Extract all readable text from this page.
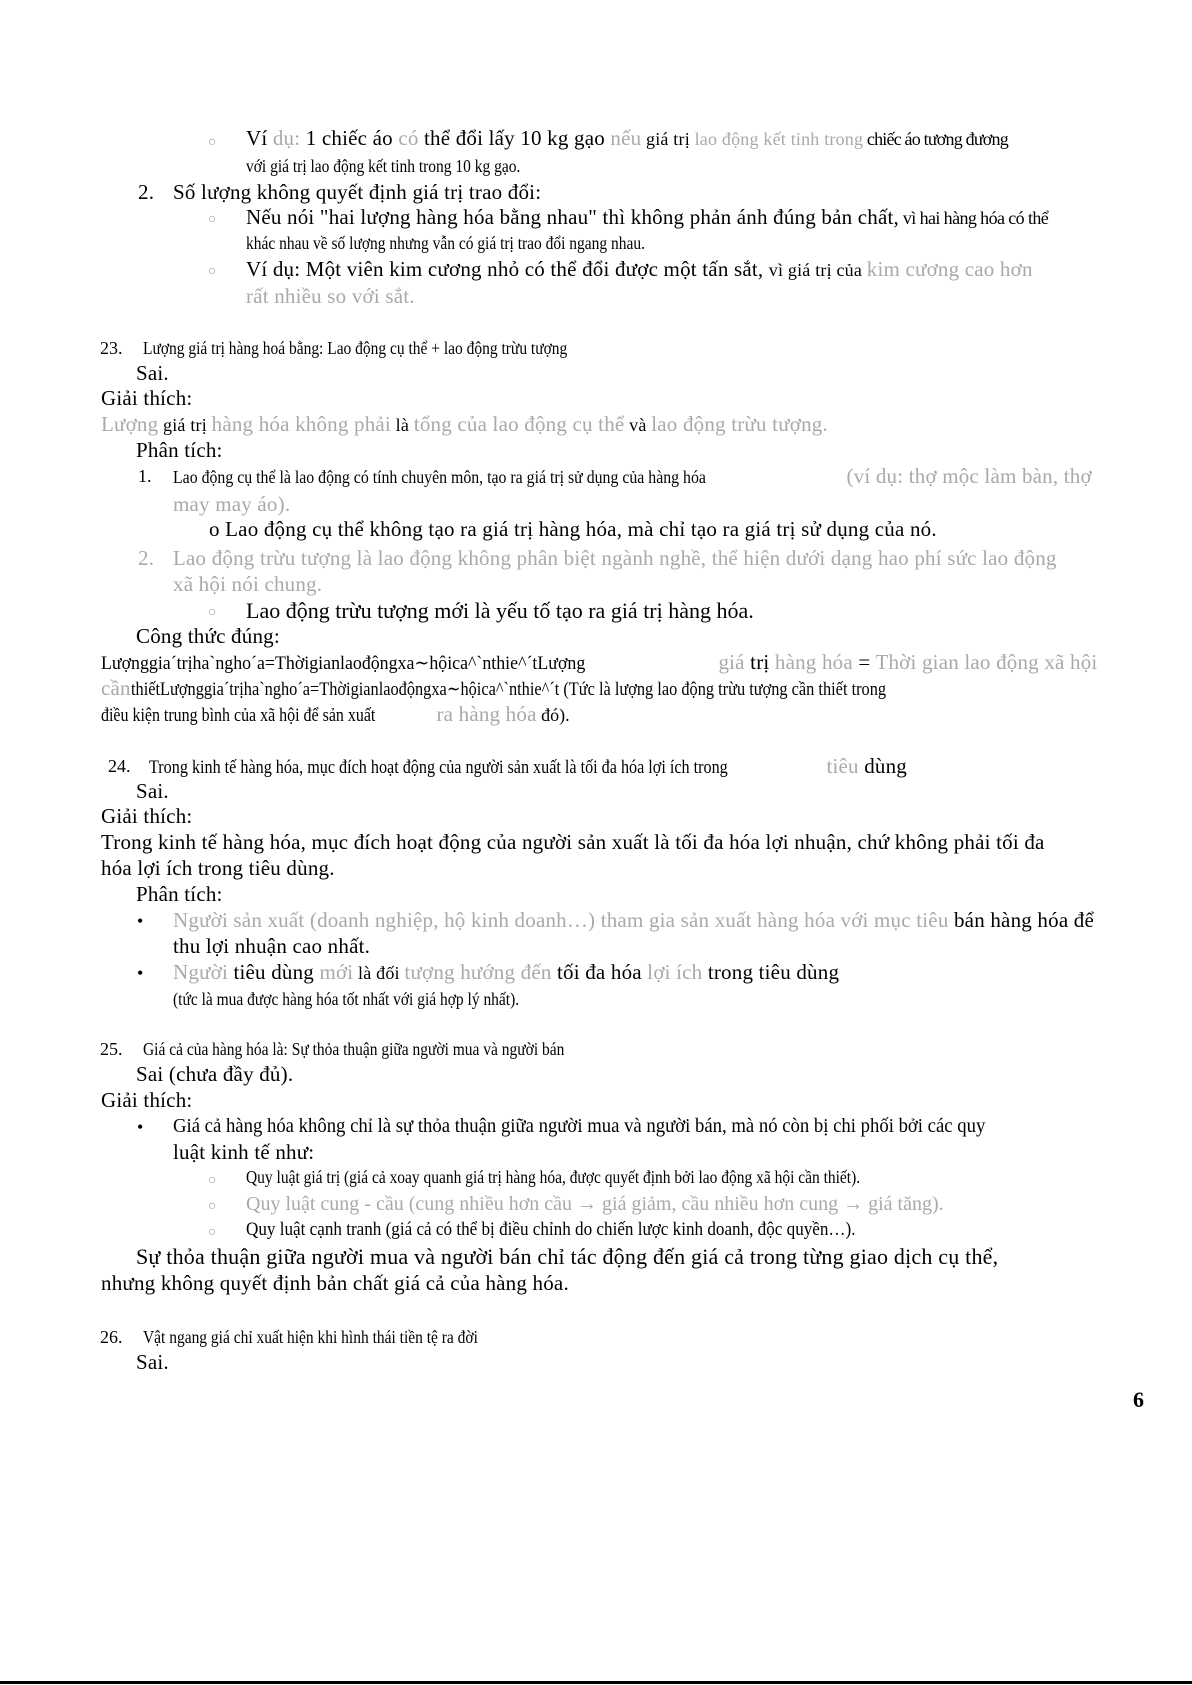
○ Ví dụ: 1 chiếc áo có thể đổi lấy 10 kg gạo nếu giá trị lao động kết tinh trong chiếc áo tương đương
với giá trị lao động kết tinh trong 10 kg gạo.
2. Số lượng không quyết định giá trị trao đổi:
○ Nếu nói "hai lượng hàng hóa bằng nhau" thì không phản ánh đúng bản chất, vì hai hàng hóa có thể
khác nhau về số lượng nhưng vẫn có giá trị trao đổi ngang nhau.
○ Ví dụ: Một viên kim cương nhỏ có thể đổi được một tấn sắt, vì giá trị của kim cương cao hơn
rất nhiều so với sắt.
23. Lượng giá trị hàng hoá bằng: Lao động cụ thể + lao động trừu tượng
Sai.
Giải thích:
Lượng giá trị hàng hóa không phải là tổng của lao động cụ thể và lao động trừu tượng.
Phân tích:
1. Lao động cụ thể là lao động có tính chuyên môn, tạo ra giá trị sử dụng của hàng hóa	(ví dụ: thợ mộc làm bàn, thợ
may may áo).
o Lao động cụ thể không tạo ra giá trị hàng hóa, mà chỉ tạo ra giá trị sử dụng của nó.
2. Lao động trừu tượng là lao động không phân biệt ngành nghề, thể hiện dưới dạng hao phí sức lao động
xã hội nói chung.
○ Lao động trừu tượng mới là yếu tố tạo ra giá trị hàng hóa.
Công thức đúng:
Lượnggia´trịha`ngho´a=Thờigianlaođộngxa∼hộica^`nthie^´tLượng	giá trị hàng hóa = Thời gian lao động xã hội
cầnthiếtLượnggia´trịha`ngho´a=Thờigianlaođộngxa∼hộica^`nthie^´t (Tức là lượng lao động trừu tượng cần thiết trong
điều kiện trung bình của xã hội để sản xuất	ra hàng hóa đó).
24. Trong kinh tế hàng hóa, mục đích hoạt động của người sản xuất là tối đa hóa lợi ích trong	tiêu dùng
Sai.
Giải thích:
Trong kinh tế hàng hóa, mục đích hoạt động của người sản xuất là tối đa hóa lợi nhuận, chứ không phải tối đa
hóa lợi ích trong tiêu dùng.
Phân tích:
• Người sản xuất (doanh nghiệp, hộ kinh doanh…) tham gia sản xuất hàng hóa với mục tiêu bán hàng hóa để
thu lợi nhuận cao nhất.
• Người tiêu dùng mới là đối tượng hướng đến tối đa hóa lợi ích trong tiêu dùng
(tức là mua được hàng hóa tốt nhất với giá hợp lý nhất).
25. Giá cả của hàng hóa là: Sự thỏa thuận giữa người mua và người bán
Sai (chưa đầy đủ).
Giải thích:
• Giá cả hàng hóa không chỉ là sự thỏa thuận giữa người mua và người bán, mà nó còn bị chi phối bởi các quy
luật kinh tế như:
○ Quy luật giá trị (giá cả xoay quanh giá trị hàng hóa, được quyết định bởi lao động xã hội cần thiết).
○ Quy luật cung - cầu (cung nhiều hơn cầu → giá giảm, cầu nhiều hơn cung → giá tăng).
○ Quy luật cạnh tranh (giá cả có thể bị điều chỉnh do chiến lược kinh doanh, độc quyền…).
Sự thỏa thuận giữa người mua và người bán chỉ tác động đến giá cả trong từng giao dịch cụ thể,
nhưng không quyết định bản chất giá cả của hàng hóa.
26. Vật ngang giá chỉ xuất hiện khi hình thái tiền tệ ra đời
Sai.
6
